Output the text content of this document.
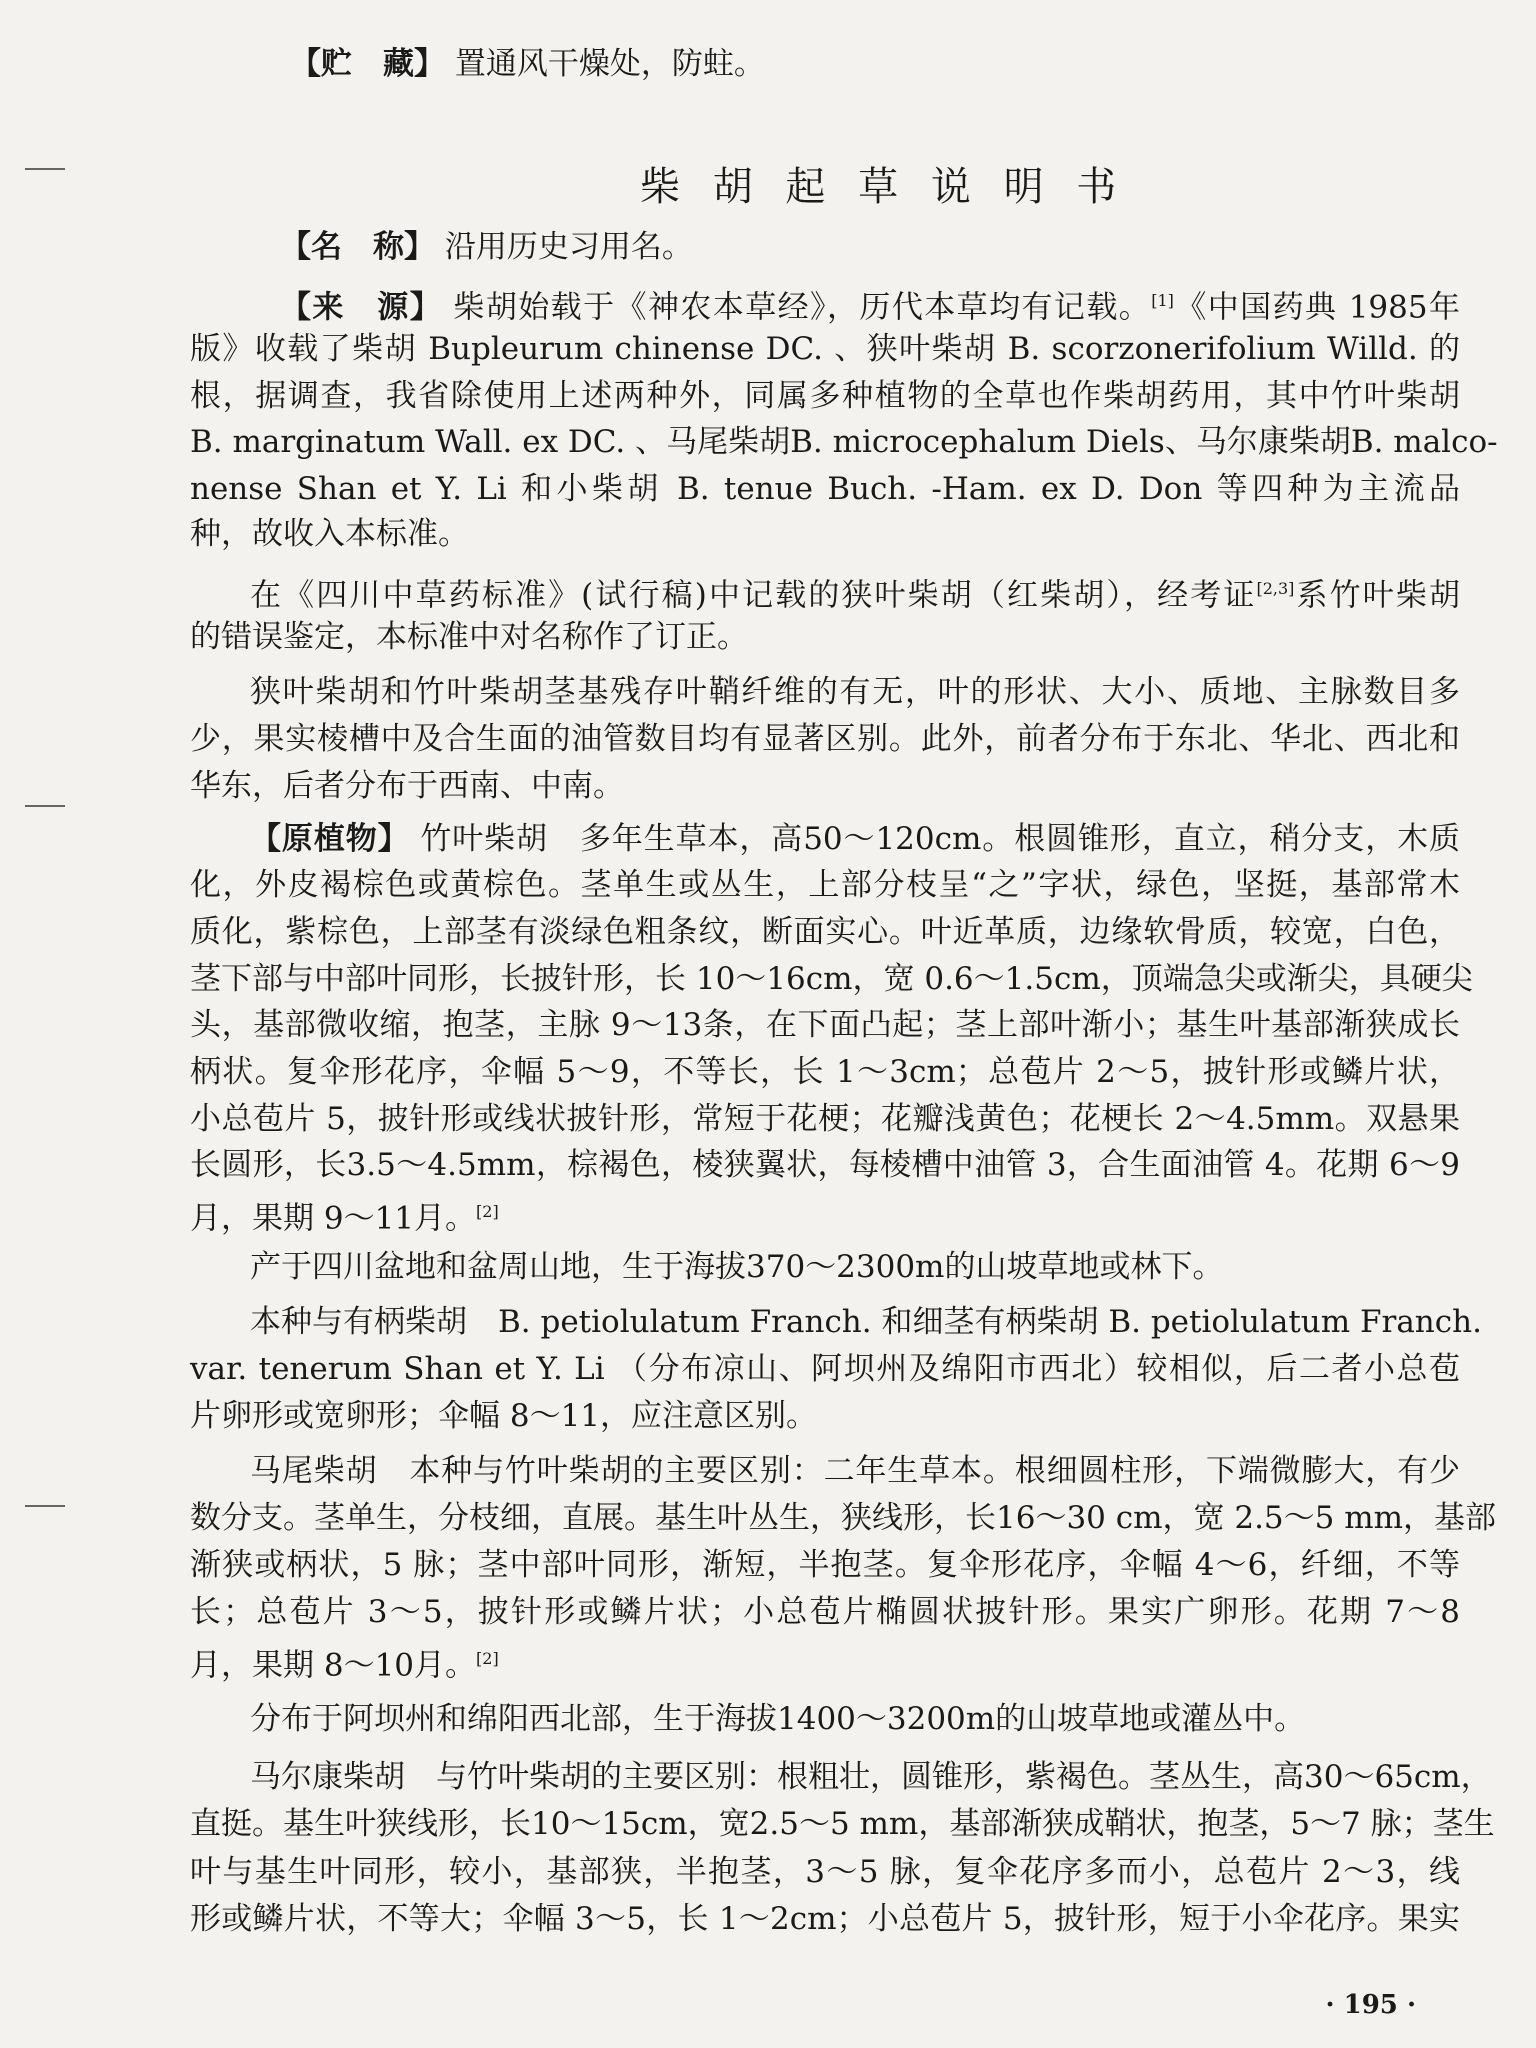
【贮　藏】 置通风干燥处，防蛀。
柴 胡 起 草 说 明 书
【名　称】 沿用历史习用名。
【来　源】 柴胡始载于《神农本草经》，历代本草均有记载。[1]《中国药典 1985年
版》收载了柴胡 Bupleurum chinense DC. 、狭叶柴胡 B. scorzonerifolium Willd. 的
根，据调查，我省除使用上述两种外，同属多种植物的全草也作柴胡药用，其中竹叶柴胡
B. marginatum Wall. ex DC. 、马尾柴胡B. microcephalum Diels、马尔康柴胡B. malco-
nense Shan et Y. Li 和小柴胡 B. tenue Buch. -Ham. ex D. Don 等四种为主流品
种，故收入本标准。
在《四川中草药标准》(试行稿)中记载的狭叶柴胡（红柴胡），经考证[2,3]系竹叶柴胡
的错误鉴定，本标准中对名称作了订正。
狭叶柴胡和竹叶柴胡茎基残存叶鞘纤维的有无，叶的形状、大小、质地、主脉数目多
少，果实棱槽中及合生面的油管数目均有显著区别。此外，前者分布于东北、华北、西北和
华东，后者分布于西南、中南。
【原植物】 竹叶柴胡　多年生草本，高50～120cm。根圆锥形，直立，稍分支，木质
化，外皮褐棕色或黄棕色。茎单生或丛生，上部分枝呈“之”字状，绿色，坚挺，基部常木
质化，紫棕色，上部茎有淡绿色粗条纹，断面实心。叶近革质，边缘软骨质，较宽，白色，
茎下部与中部叶同形，长披针形，长 10～16cm，宽 0.6～1.5cm，顶端急尖或渐尖，具硬尖
头，基部微收缩，抱茎，主脉 9～13条，在下面凸起；茎上部叶渐小；基生叶基部渐狭成长
柄状。复伞形花序，伞幅 5～9，不等长，长 1～3cm；总苞片 2～5，披针形或鳞片状，
小总苞片 5，披针形或线状披针形，常短于花梗；花瓣浅黄色；花梗长 2～4.5mm。双悬果
长圆形，长3.5～4.5mm，棕褐色，棱狭翼状，每棱槽中油管 3，合生面油管 4。花期 6～9
月，果期 9～11月。[2]
产于四川盆地和盆周山地，生于海拔370～2300m的山坡草地或林下。
本种与有柄柴胡　B. petiolulatum Franch. 和细茎有柄柴胡 B. petiolulatum Franch.
var. tenerum Shan et Y. Li （分布凉山、阿坝州及绵阳市西北）较相似，后二者小总苞
片卵形或宽卵形；伞幅 8～11，应注意区别。
马尾柴胡　本种与竹叶柴胡的主要区别：二年生草本。根细圆柱形，下端微膨大，有少
数分支。茎单生，分枝细，直展。基生叶丛生，狭线形，长16～30 cm，宽 2.5～5 mm，基部
渐狭或柄状，5 脉；茎中部叶同形，渐短，半抱茎。复伞形花序，伞幅 4～6，纤细，不等
长；总苞片 3～5，披针形或鳞片状；小总苞片椭圆状披针形。果实广卵形。花期 7～8
月，果期 8～10月。[2]
分布于阿坝州和绵阳西北部，生于海拔1400～3200m的山坡草地或灌丛中。
马尔康柴胡　与竹叶柴胡的主要区别：根粗壮，圆锥形，紫褐色。茎丛生，高30～65cm，
直挺。基生叶狭线形，长10～15cm，宽2.5～5 mm，基部渐狭成鞘状，抱茎，5～7 脉；茎生
叶与基生叶同形，较小，基部狭，半抱茎，3～5 脉，复伞花序多而小，总苞片 2～3，线
形或鳞片状，不等大；伞幅 3～5，长 1～2cm；小总苞片 5，披针形，短于小伞花序。果实
· 195 ·
